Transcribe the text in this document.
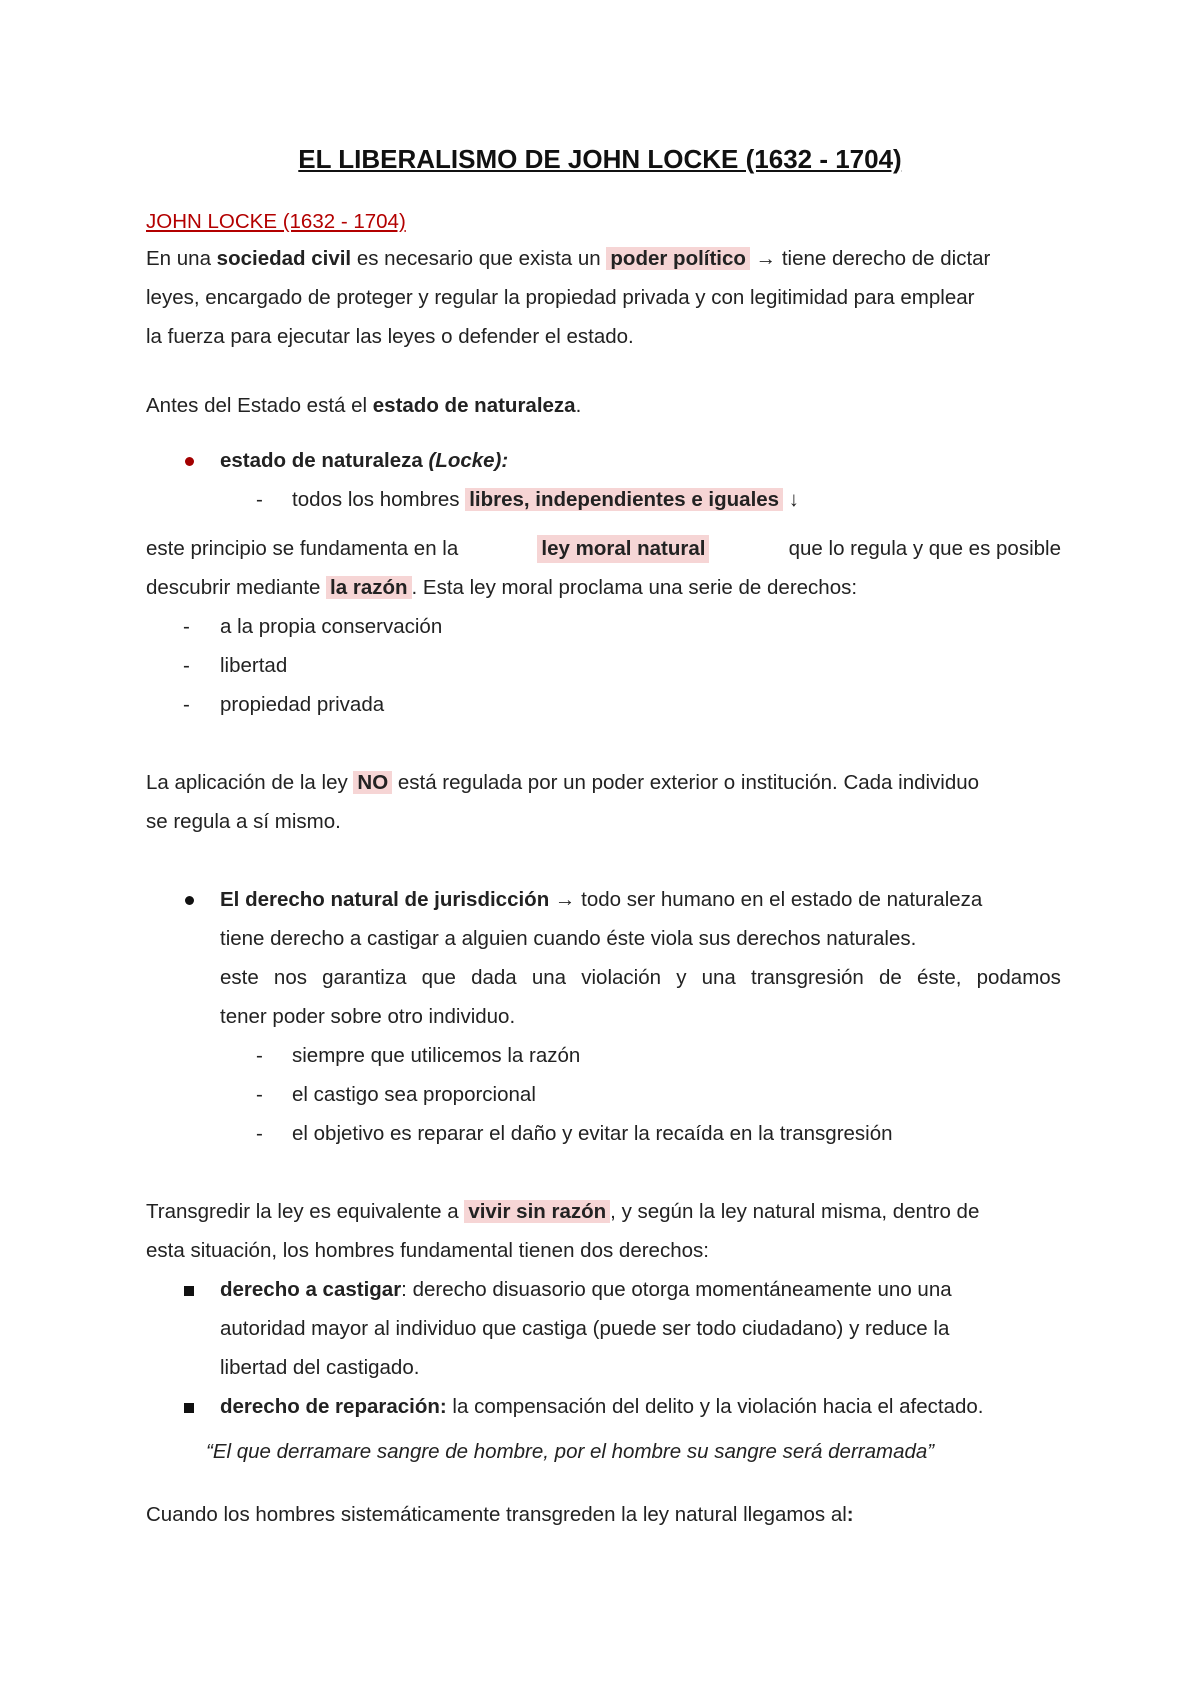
EL LIBERALISMO DE JOHN LOCKE (1632 - 1704)
JOHN LOCKE (1632 - 1704)
En una sociedad civil es necesario que exista un poder político → tiene derecho de dictar
leyes, encargado de proteger y regular la propiedad privada y con legitimidad para emplear
la fuerza para ejecutar las leyes o defender el estado.
Antes del Estado está el estado de naturaleza.
estado de naturaleza (Locke):
- todos los hombres libres, independientes e iguales ↓
este principio se fundamenta en la	ley moral natural	que lo regula y que es posible
descubrir mediante la razón . Esta ley moral proclama una serie de derechos:
- a la propia conservación
- libertad
- propiedad privada
La aplicación de la ley NO está regulada por un poder exterior o institución. Cada individuo
se regula a sí mismo.
El derecho natural de jurisdicción → todo ser humano en el estado de naturaleza
tiene derecho a castigar a alguien cuando éste viola sus derechos naturales.
este nos garantiza que dada una violación y una transgresión de éste, podamos
tener poder sobre otro individuo.
- siempre que utilicemos la razón
- el castigo sea proporcional
- el objetivo es reparar el daño y evitar la recaída en la transgresión
Transgredir la ley es equivalente a vivir sin razón , y según la ley natural misma, dentro de
esta situación, los hombres fundamental tienen dos derechos:
derecho a castigar: derecho disuasorio que otorga momentáneamente uno una
autoridad mayor al individuo que castiga (puede ser todo ciudadano) y reduce la
libertad del castigado.
derecho de reparación: la compensación del delito y la violación hacia el afectado.
“El que derramare sangre de hombre, por el hombre su sangre será derramada”
Cuando los hombres sistemáticamente transgreden la ley natural llegamos al:
